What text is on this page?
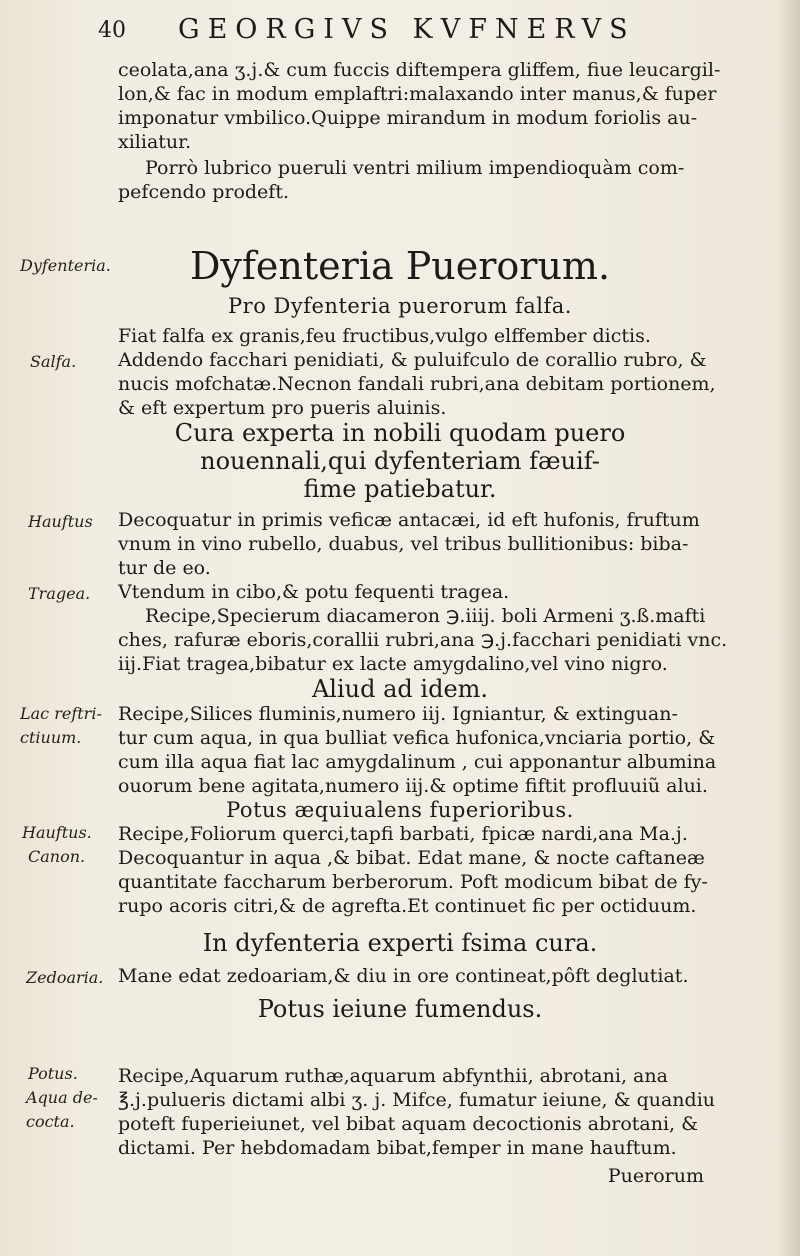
40 GEORGIVS KVFNERVS
Dyfenteria.
Salfa.
Hauftus
Tragea.
Lac reftri-
ctiuum.
Hauftus.
Canon.
Zedoaria.
Potus.
Aqua de-
cocta.
ceolata,ana ʒ.j.& cum fuccis diftempera gliffem, fiue leucargil-
lon,& fac in modum emplaftri:malaxando inter manus,& fuper
imponatur vmbilico.Quippe mirandum in modum foriolis au-
xiliatur.
Porrò lubrico pueruli ventri milium impendioquàm com-
pefcendo prodeft.
Dyfenteria Puerorum.
Pro Dyfenteria puerorum falfa.
Fiat falfa ex granis,feu fructibus,vulgo elffember dictis.
Addendo facchari penidiati, & puluifculo de corallio rubro, &
nucis mofchatæ.Necnon fandali rubri,ana debitam portionem,
& eft expertum pro pueris aluinis.
Cura experta in nobili quodam puero
nouennali,qui dyfenteriam fæuif-
fime patiebatur.
Decoquatur in primis veficæ antacæi, id eft hufonis, fruftum
vnum in vino rubello, duabus, vel tribus bullitionibus: biba-
tur de eo.
Vtendum in cibo,& potu fequenti tragea.
Recipe,Specierum diacameron ℈.iiij. boli Armeni ʒ.ß.mafti
ches, rafuræ eboris,corallii rubri,ana ℈.j.facchari penidiati vnc.
iij.Fiat tragea,bibatur ex lacte amygdalino,vel vino nigro.
Aliud ad idem.
Recipe,Silices fluminis,numero iij. Igniantur, & extinguan-
tur cum aqua, in qua bulliat vefica hufonica,vnciaria portio, &
cum illa aqua fiat lac amygdalinum , cui apponantur albumina
ouorum bene agitata,numero iij.& optime fiftit profluuiũ alui.
Potus æquiualens fuperioribus.
Recipe,Foliorum querci,tapfi barbati, fpicæ nardi,ana Ma.j.
Decoquantur in aqua ,& bibat. Edat mane, & nocte caftaneæ
quantitate faccharum berberorum. Poft modicum bibat de fy-
rupo acoris citri,& de agrefta.Et continuet fic per octiduum.
In dyfenteria experti fsima cura.
Mane edat zedoariam,& diu in ore contineat,pôft deglutiat.
Potus ieiune fumendus.
Recipe,Aquarum ruthæ,aquarum abfynthii, abrotani, ana
℥.j.pulueris dictami albi ʒ. j. Mifce, fumatur ieiune, & quandiu
poteft fuperieiunet, vel bibat aquam decoctionis abrotani, &
dictami. Per hebdomadam bibat,femper in mane hauftum.
Puerorum
